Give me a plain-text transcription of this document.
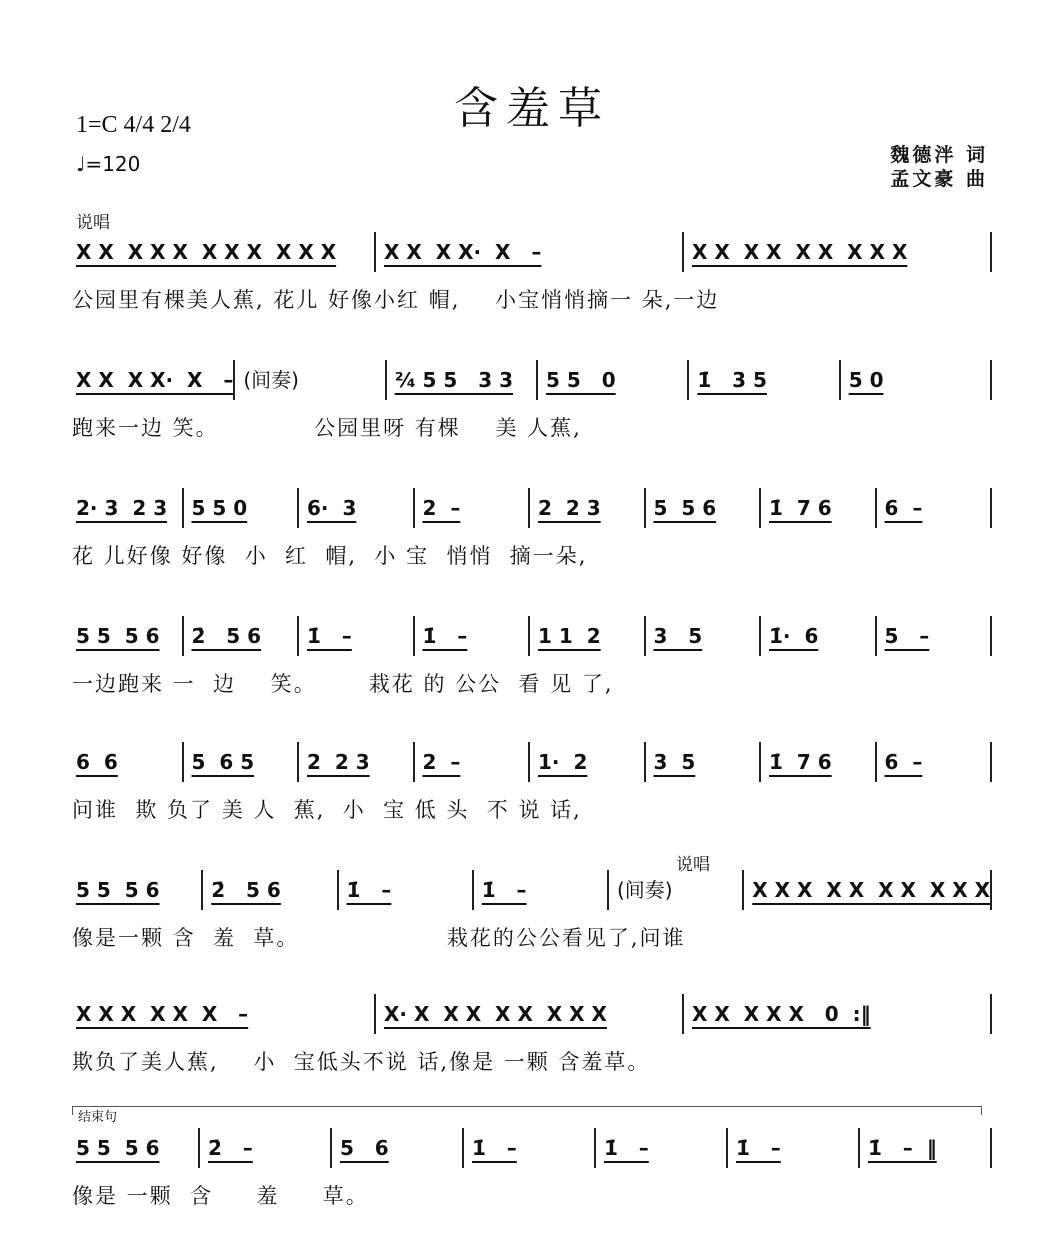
含羞草
1=C 4/4 2/4
♩=120	魏德泮 词
孟文豪 曲
说唱
说唱
结束句
X X  X X X  X X X  X X X	X X  X X·  X   –	X X  X X  X X  X X X
公园里有棵美人蕉, 花儿 好像小红 帽,    小宝悄悄摘一 朵,一边
X X  X X·  X   – (间奏)	²⁄₄ 5 5   3 3	5 5   0	1̇   3 5	5 0
跑来一边 笑。           公园里呀 有棵    美 人蕉,
2· 3  2 3	5 5 0	6·  3	2  –	2  2 3	5  5 6	1̇  7 6	6  –
花 儿好像 好像  小  红  帽,  小 宝  悄悄  摘一朵,
5 5  5 6	2̇   5 6	1̇   –	1̇   –	1 1  2	3   5	1̇·  6	5   –
一边跑来 一  边    笑。      栽花 的 公公  看 见 了,
6  6	5  6 5	2  2 3	2  –	1·  2	3  5	1̇  7 6	6  –
问谁  欺 负了 美 人  蕉,  小  宝 低 头  不 说 话,
5 5  5 6	2̇   5 6	1̇   –	1̇   –	(间奏)	X X X  X X  X X  X X X
像是一颗 含  羞  草。                 栽花的公公看见了,问谁
X X X  X X  X   –	X· X  X X  X X  X X X	X X  X X X   0  :‖
欺负了美人蕉,    小  宝低头不说 话,像是 一颗 含羞草。
5 5  5 6	2̇   –	5   6	1̇   –	1̇   –	1̇   –	1̇   –  ‖
像是 一颗  含     羞     草。
